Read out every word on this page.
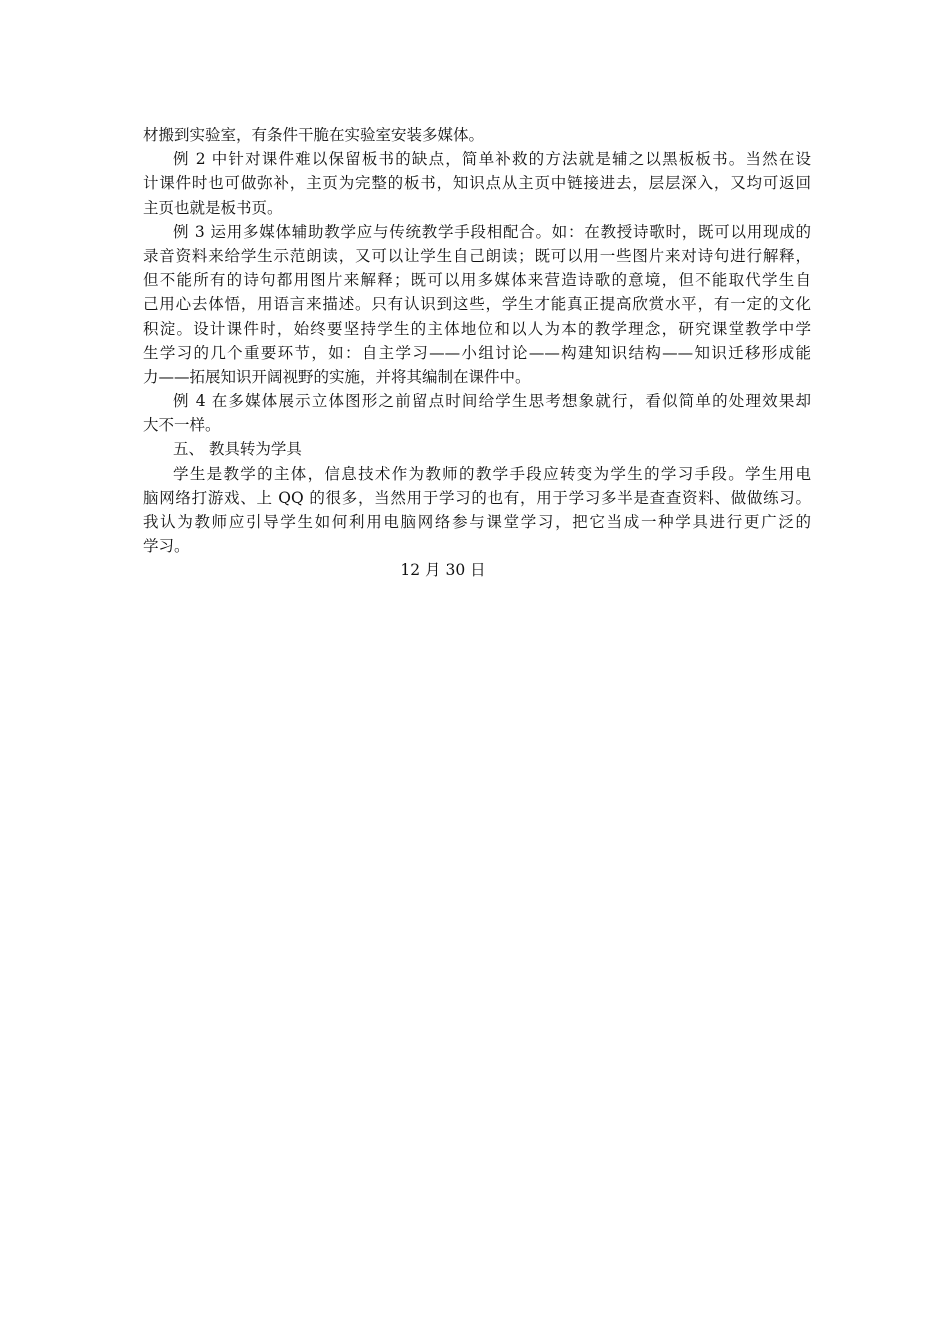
材搬到实验室，有条件干脆在实验室安装多媒体。
例 2 中针对课件难以保留板书的缺点，简单补救的方法就是辅之以黑板板书。当然在设
计课件时也可做弥补，主页为完整的板书，知识点从主页中链接进去，层层深入，又均可返回
主页也就是板书页。
例 3 运用多媒体辅助教学应与传统教学手段相配合。如：在教授诗歌时，既可以用现成的
录音资料来给学生示范朗读，又可以让学生自己朗读；既可以用一些图片来对诗句进行解释，
但不能所有的诗句都用图片来解释；既可以用多媒体来营造诗歌的意境，但不能取代学生自
己用心去体悟，用语言来描述。只有认识到这些，学生才能真正提高欣赏水平，有一定的文化
积淀。设计课件时，始终要坚持学生的主体地位和以人为本的教学理念，研究课堂教学中学
生学习的几个重要环节，如：自主学习——小组讨论——构建知识结构——知识迁移形成能
力——拓展知识开阔视野的实施，并将其编制在课件中。
例 4 在多媒体展示立体图形之前留点时间给学生思考想象就行，看似简单的处理效果却
大不一样。
五、 教具转为学具
学生是教学的主体，信息技术作为教师的教学手段应转变为学生的学习手段。学生用电
脑网络打游戏、上 QQ 的很多，当然用于学习的也有，用于学习多半是查查资料、做做练习。
我认为教师应引导学生如何利用电脑网络参与课堂学习，把它当成一种学具进行更广泛的
学习。
12 月 30 日
